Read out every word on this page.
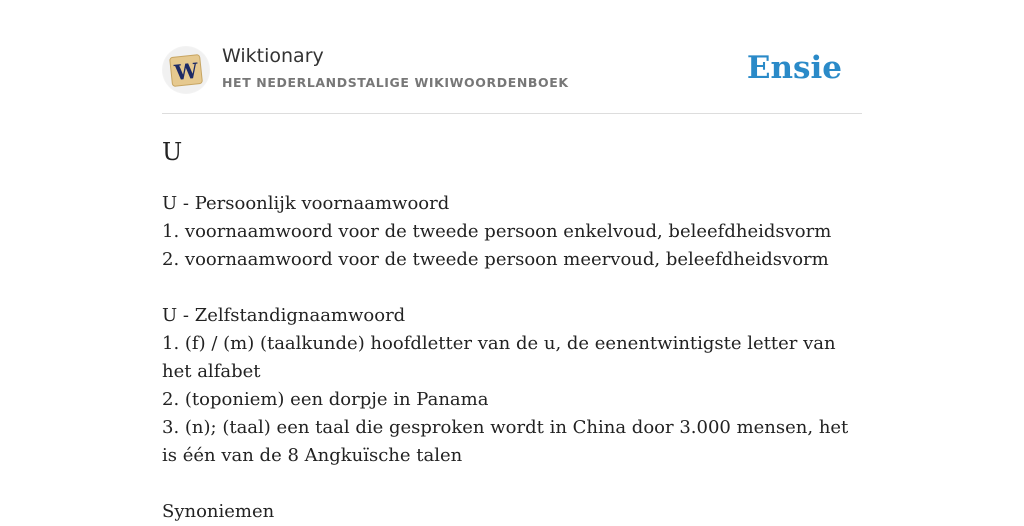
W
Wiktionary
HET NEDERLANDSTALIGE WIKIWOORDENBOEK	Ensie
U
U - Persoonlijk voornaamwoord
1. voornaamwoord voor de tweede persoon enkelvoud, beleefdheidsvorm
2. voornaamwoord voor de tweede persoon meervoud, beleefdheidsvorm
U - Zelfstandignaamwoord
1. (f) / (m) (taalkunde) hoofdletter van de u, de eenentwintigste letter van het alfabet
2. (toponiem) een dorpje in Panama
3. (n); (taal) een taal die gesproken wordt in China door 3.000 mensen, het is één van de 8 Angkuïsche talen
Synoniemen
